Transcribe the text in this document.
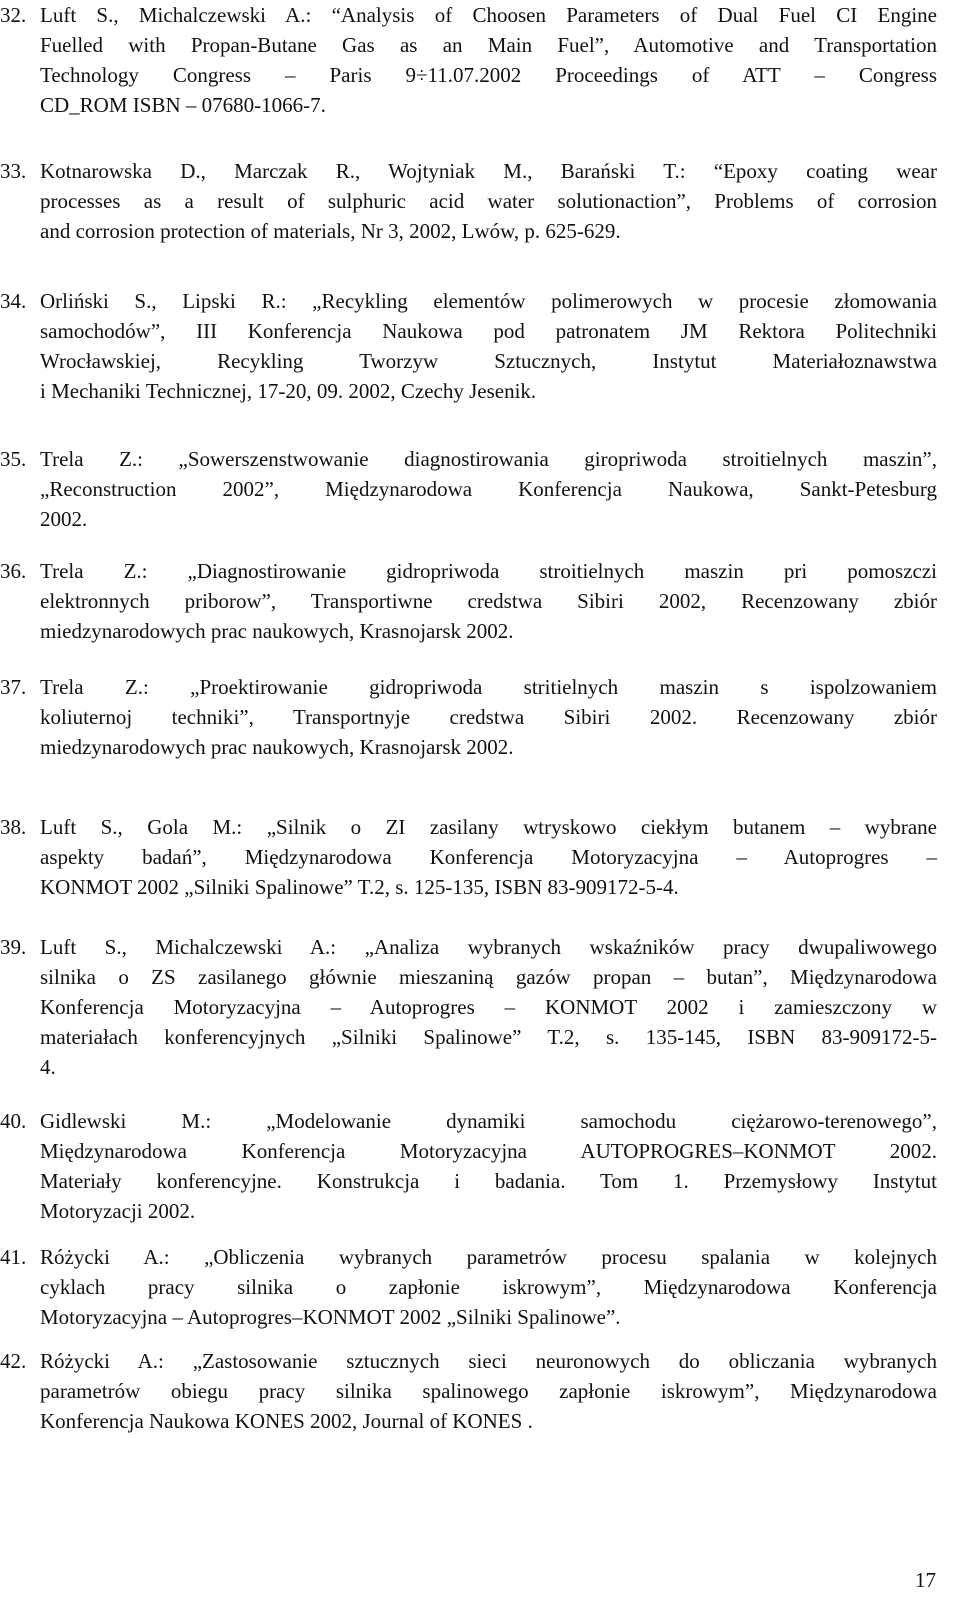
32. Luft S., Michalczewski A.: “Analysis of Choosen Parameters of Dual Fuel CI Engine
Fuelled with Propan-Butane Gas as an Main Fuel”, Automotive and Transportation
Technology Congress – Paris 9÷11.07.2002 Proceedings of ATT – Congress
CD_ROM ISBN – 07680-1066-7.
33. Kotnarowska D., Marczak R., Wojtyniak M., Barański T.: “Epoxy coating wear
processes as a result of sulphuric acid water solutionaction”, Problems of corrosion
and corrosion protection of materials, Nr 3, 2002, Lwów, p. 625-629.
34. Orliński S., Lipski R.: „Recykling elementów polimerowych w procesie złomowania
samochodów”, III Konferencja Naukowa pod patronatem JM Rektora Politechniki
Wrocławskiej, Recykling Tworzyw Sztucznych, Instytut Materiałoznawstwa
i Mechaniki Technicznej, 17-20, 09. 2002, Czechy Jesenik.
35. Trela Z.: „Sowerszenstwowanie diagnostirowania giropriwoda stroitielnych maszin”,
„Reconstruction 2002”, Międzynarodowa Konferencja Naukowa, Sankt-Petesburg
2002.
36. Trela Z.: „Diagnostirowanie gidropriwoda stroitielnych maszin pri pomoszczi
elektronnych priborow”, Transportiwne credstwa Sibiri 2002, Recenzowany zbiór
miedzynarodowych prac naukowych, Krasnojarsk 2002.
37. Trela Z.: „Proektirowanie gidropriwoda stritielnych maszin s ispolzowaniem
koliuternoj techniki”, Transportnyje credstwa Sibiri 2002. Recenzowany zbiór
miedzynarodowych prac naukowych, Krasnojarsk 2002.
38. Luft S., Gola M.: „Silnik o ZI zasilany wtryskowo ciekłym butanem – wybrane
aspekty badań”, Międzynarodowa Konferencja Motoryzacyjna – Autoprogres –
KONMOT 2002 „Silniki Spalinowe” T.2, s. 125-135, ISBN 83-909172-5-4.
39. Luft S., Michalczewski A.: „Analiza wybranych wskaźników pracy dwupaliwowego
silnika o ZS zasilanego głównie mieszaniną gazów propan – butan”, Międzynarodowa
Konferencja Motoryzacyjna – Autoprogres – KONMOT 2002 i zamieszczony w
materiałach konferencyjnych „Silniki Spalinowe” T.2, s. 135-145, ISBN 83-909172-5-
4.
40. Gidlewski M.: „Modelowanie dynamiki samochodu ciężarowo-terenowego”,
Międzynarodowa Konferencja Motoryzacyjna AUTOPROGRES–KONMOT 2002.
Materiały konferencyjne. Konstrukcja i badania. Tom 1. Przemysłowy Instytut
Motoryzacji 2002.
41. Różycki A.: „Obliczenia wybranych parametrów procesu spalania w kolejnych
cyklach pracy silnika o zapłonie iskrowym”, Międzynarodowa Konferencja
Motoryzacyjna – Autoprogres–KONMOT 2002 „Silniki Spalinowe”.
42. Różycki A.: „Zastosowanie sztucznych sieci neuronowych do obliczania wybranych
parametrów obiegu pracy silnika spalinowego zapłonie iskrowym”, Międzynarodowa
Konferencja Naukowa KONES 2002, Journal of KONES .
17
